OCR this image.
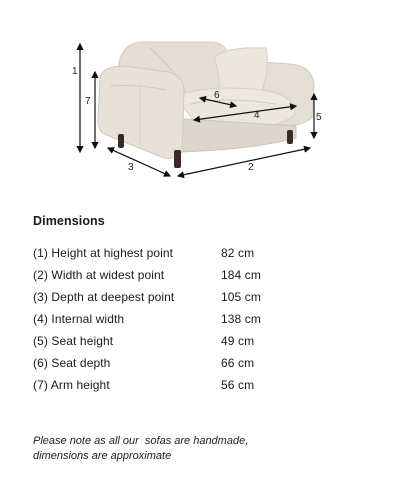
1
7
3	2
5
4
6
Dimensions
(1) Height at highest point	82 cm
(2) Width at widest point	184 cm
(3) Depth at deepest point	105 cm
(4) Internal width	138 cm
(5) Seat height	49 cm
(6) Seat depth	66 cm
(7) Arm height	56 cm

Please note as all our  sofas are handmade,
dimensions are approximate
